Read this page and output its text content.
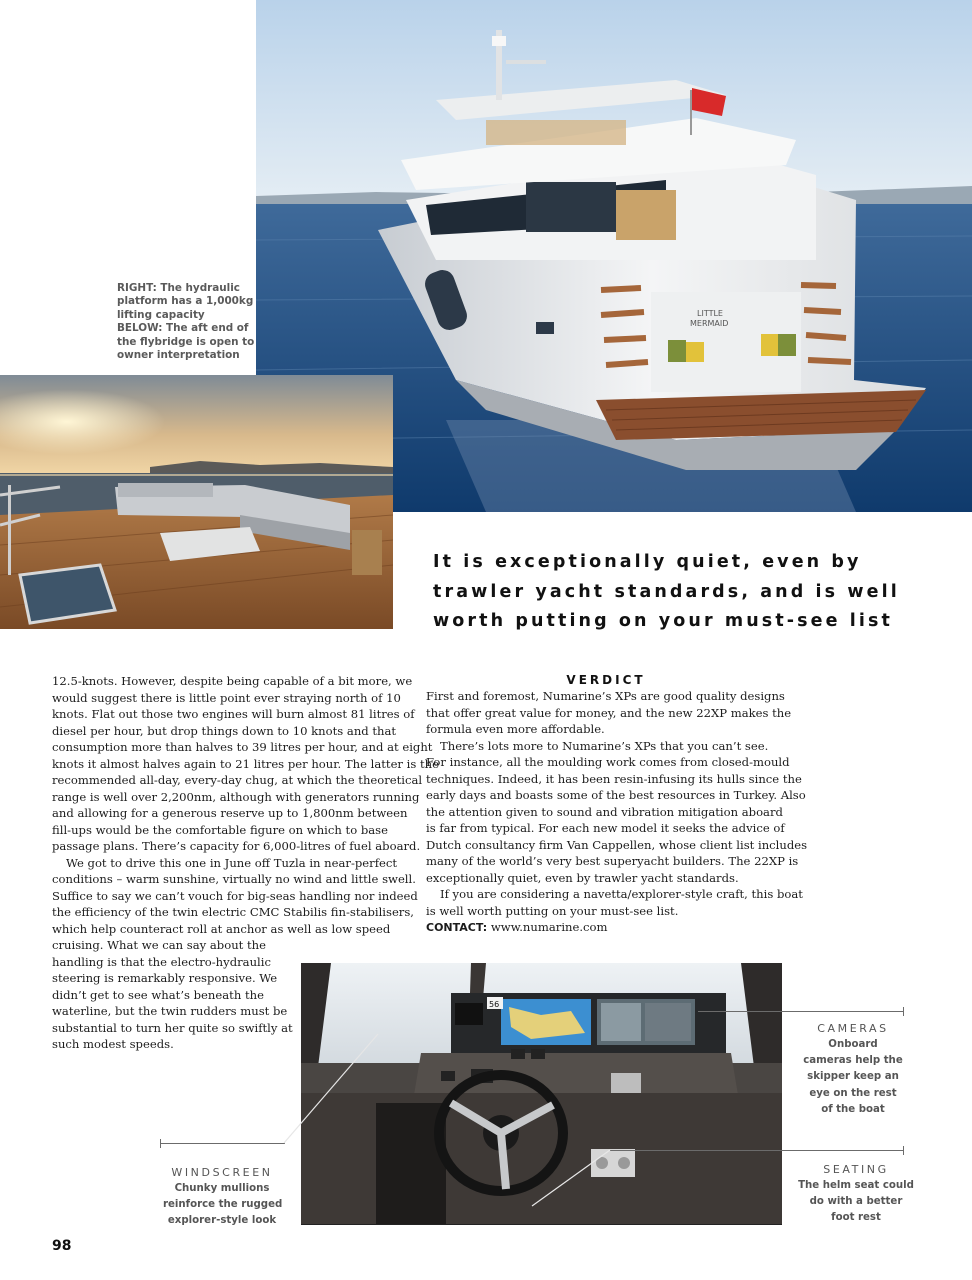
LITTLE
MERMAID

RIGHT: The hydraulic

platform has a 1,000kg

lifting capacity

BELOW: The aft end of

the flybridge is open to

owner interpretation

It is exceptionally quiet, even by

trawler yacht standards, and is well

worth putting on your must-see list

12.5-knots. However, despite being capable of a bit more, we

would suggest there is little point ever straying north of 10

knots. Flat out those two engines will burn almost 81 litres of

diesel per hour, but drop things down to 10 knots and that

consumption more than halves to 39 litres per hour, and at eight

knots it almost halves again to 21 litres per hour. The latter is the

recommended all-day, every-day chug, at which the theoretical

range is well over 2,200nm, although with generators running

and allowing for a generous reserve up to 1,800nm between

fill-ups would be the comfortable figure on which to base

passage plans. There’s capacity for 6,000-litres of fuel aboard.

We got to drive this one in June off Tuzla in near-perfect

conditions – warm sunshine, virtually no wind and little swell.

Suffice to say we can’t vouch for big-seas handling nor indeed

the efficiency of the twin electric CMC Stabilis fin-stabilisers,

which help counteract roll at anchor as well as low speed

cruising. What we can say about the

handling is that the electro-hydraulic

steering is remarkably responsive. We

didn’t get to see what’s beneath the

waterline, but the twin rudders must be

substantial to turn her quite so swiftly at

such modest speeds.

VERDICT

First and foremost, Numarine’s XPs are good quality designs

that offer great value for money, and the new 22XP makes the

formula even more affordable.

There’s lots more to Numarine’s XPs that you can’t see.

For instance, all the moulding work comes from closed-mould

techniques. Indeed, it has been resin-infusing its hulls since the

early days and boasts some of the best resources in Turkey. Also

the attention given to sound and vibration mitigation aboard

is far from typical. For each new model it seeks the advice of

Dutch consultancy firm Van Cappellen, whose client list includes

many of the world’s very best superyacht builders. The 22XP is

exceptionally quiet, even by trawler yacht standards.

If you are considering a navetta/explorer-style craft, this boat

is well worth putting on your must-see list.

CONTACT: www.numarine.com

56

CAMERAS

Onboard

cameras help the

skipper keep an

eye on the rest

of the boat

SEATING

The helm seat could

do with a better

foot rest

WINDSCREEN

Chunky mullions

reinforce the rugged

explorer-style look

98
